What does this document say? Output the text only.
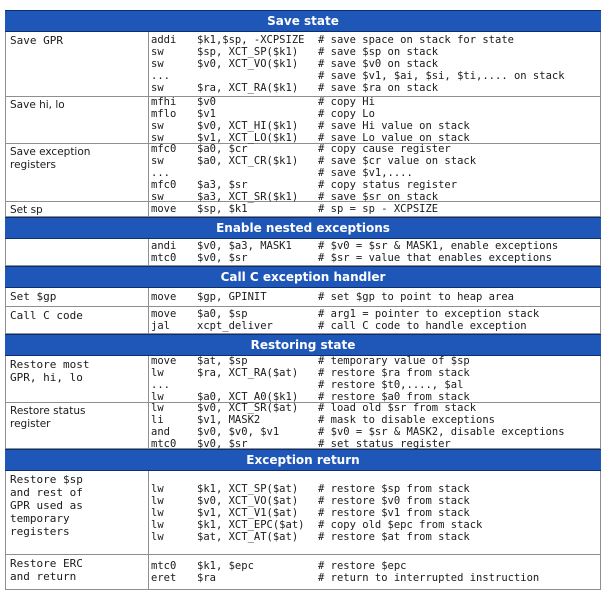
Save state
Save GPR	addi	$k1,$sp, -XCPSIZE	# save space on stack for state
sw	$sp, XCT_SP($k1)	# save $sp on stack
sw	$v0, XCT_VO($k1)	# save $v0 on stack
...	# save $v1, $ai, $si, $ti,.... on stack
sw	$ra, XCT_RA($k1)	# save $ra on stack
Save hi, lo	mfhi	$v0	# copy Hi
mflo	$v1	# copy Lo
sw	$v0, XCT_HI($k1)	# save Hi value on stack
sw	$v1, XCT_LO($k1)	# save Lo value on stack
Save exception
registers
mfc0	$a0, $cr	# copy cause register
sw	$a0, XCT_CR($k1)	# save $cr value on stack
...	# save $v1,....
mfc0	$a3, $sr	# copy status register
sw	$a3, XCT_SR($k1)	# save $sr on stack
Set sp	move	$sp, $k1	# sp = sp - XCPSIZE
Enable nested exceptions
andi	$v0, $a3, MASK1	# $v0 = $sr & MASK1, enable exceptions
mtc0	$v0, $sr	# $sr = value that enables exceptions
Call C exception handler
Set $gp	move	$gp, GPINIT	# set $gp to point to heap area
Call C code	move	$a0, $sp	# arg1 = pointer to exception stack
jal	xcpt_deliver	# call C code to handle exception
Restoring state
Restore most
GPR, hi, lo
move	$at, $sp	# temporary value of $sp
lw	$ra, XCT_RA($at)	# restore $ra from stack
...	# restore $t0,...., $al
lw	$a0, XCT_A0($k1)	# restore $a0 from stack
Restore status
register
lw	$v0, XCT_SR($at)	# load old $sr from stack
li	$v1, MASK2	# mask to disable exceptions
and	$v0, $v0, $v1	# $v0 = $sr & MASK2, disable exceptions
mtc0	$v0, $sr	# set status register
Exception return
Restore $sp
and rest of
GPR used as
temporary
registers
lw	$k1, XCT_SP($at)	# restore $sp from stack
lw	$v0, XCT_VO($at)	# restore $v0 from stack
lw	$v1, XCT_V1($at)	# restore $v1 from stack
lw	$k1, XCT_EPC($at)	# copy old $epc from stack
lw	$at, XCT_AT($at)	# restore $at from stack
Restore ERC
and return
mtc0	$k1, $epc	# restore $epc
eret	$ra	# return to interrupted instruction
